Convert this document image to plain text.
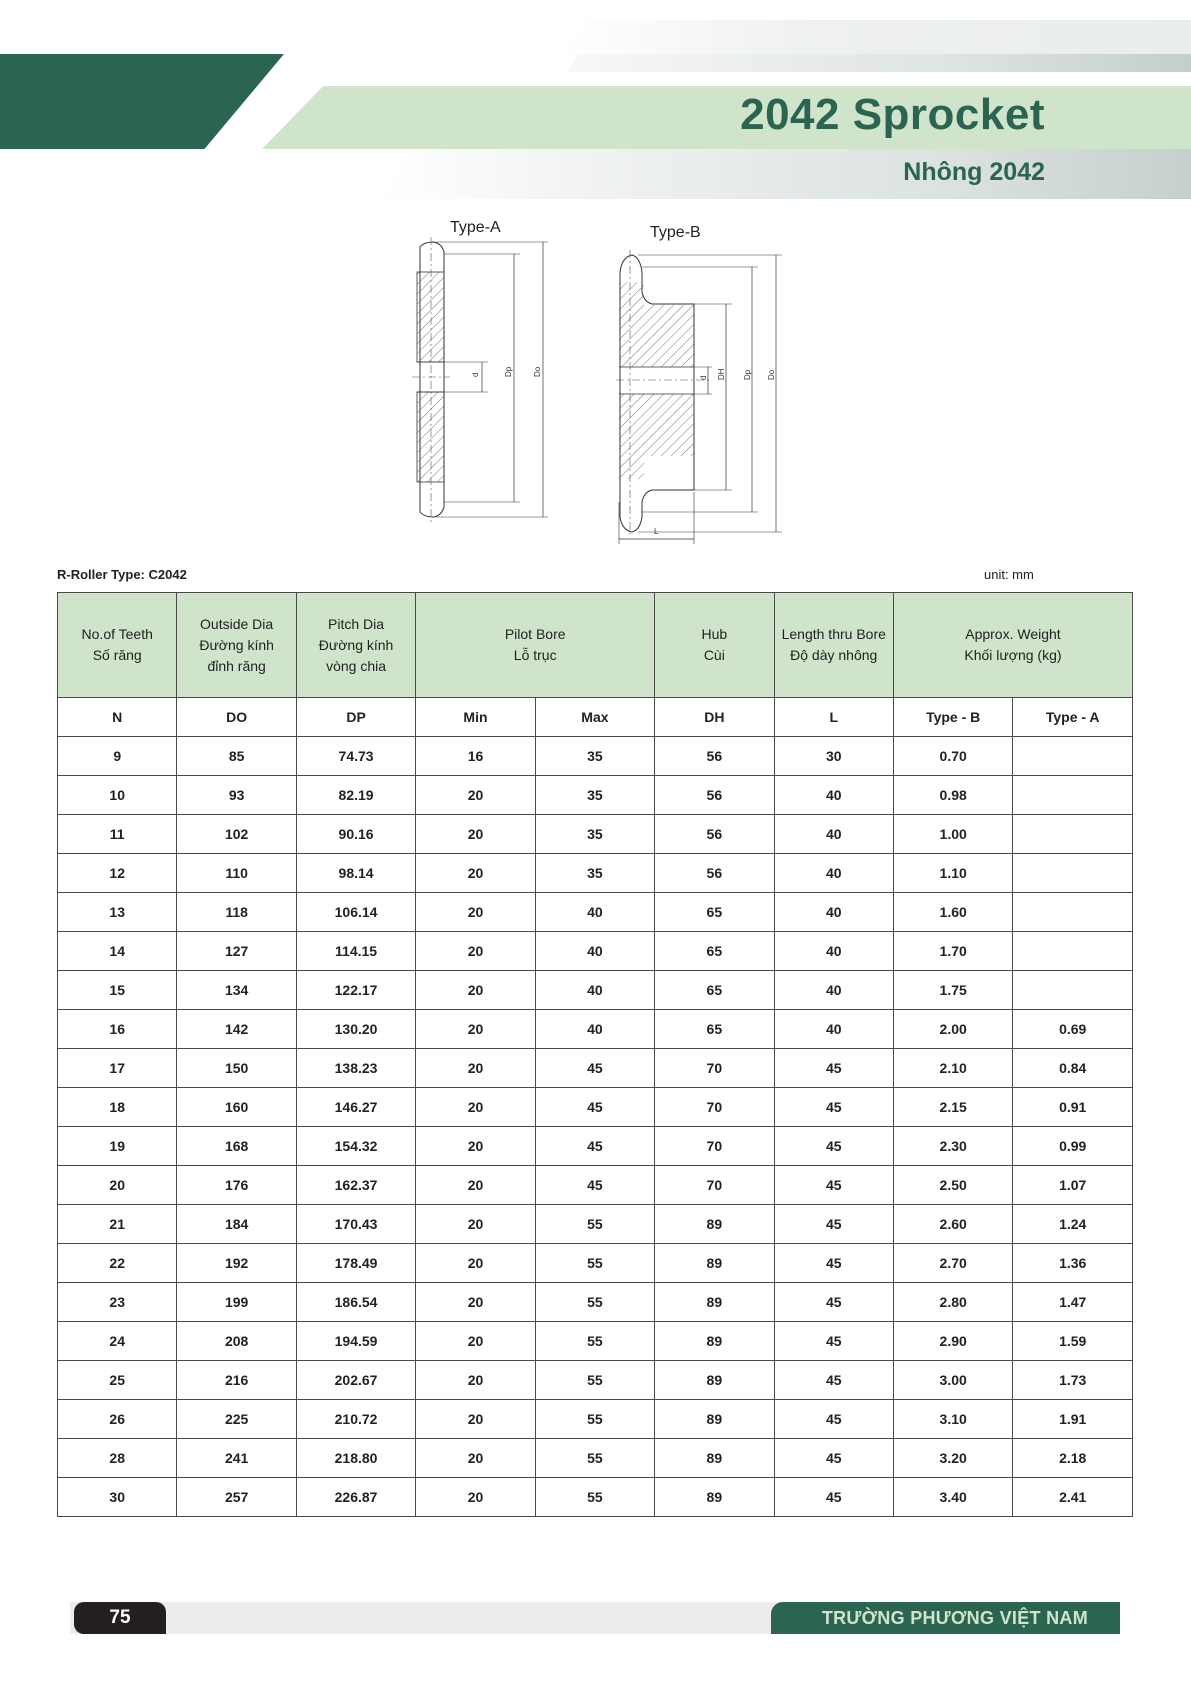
2042 Sprocket
Nhông 2042
Type-A
d	Dp	Do
Type-B
d DH Dp Do
L
R-Roller Type: C2042	unit: mm
No.of Teeth
Số răng	Outside Dia
Đường kính
đỉnh răng	Pitch Dia
Đường kính
vòng chia	Pilot Bore
Lỗ trục		Hub
Cùi	Length thru Bore
Độ dày nhông	Approx. Weight
Khối lượng (kg)	
N	DO	DP	Min	Max	DH	L	Type - B	Type - A
9	85	74.73	16	35	56	30	0.70	
10	93	82.19	20	35	56	40	0.98	
11	102	90.16	20	35	56	40	1.00	
12	110	98.14	20	35	56	40	1.10	
13	118	106.14	20	40	65	40	1.60	
14	127	114.15	20	40	65	40	1.70	
15	134	122.17	20	40	65	40	1.75	
16	142	130.20	20	40	65	40	2.00	0.69
17	150	138.23	20	45	70	45	2.10	0.84
18	160	146.27	20	45	70	45	2.15	0.91
19	168	154.32	20	45	70	45	2.30	0.99
20	176	162.37	20	45	70	45	2.50	1.07
21	184	170.43	20	55	89	45	2.60	1.24
22	192	178.49	20	55	89	45	2.70	1.36
23	199	186.54	20	55	89	45	2.80	1.47
24	208	194.59	20	55	89	45	2.90	1.59
25	216	202.67	20	55	89	45	3.00	1.73
26	225	210.72	20	55	89	45	3.10	1.91
28	241	218.80	20	55	89	45	3.20	2.18
30	257	226.87	20	55	89	45	3.40	2.41
75	TRƯỜNG PHƯƠNG VIỆT NAM
